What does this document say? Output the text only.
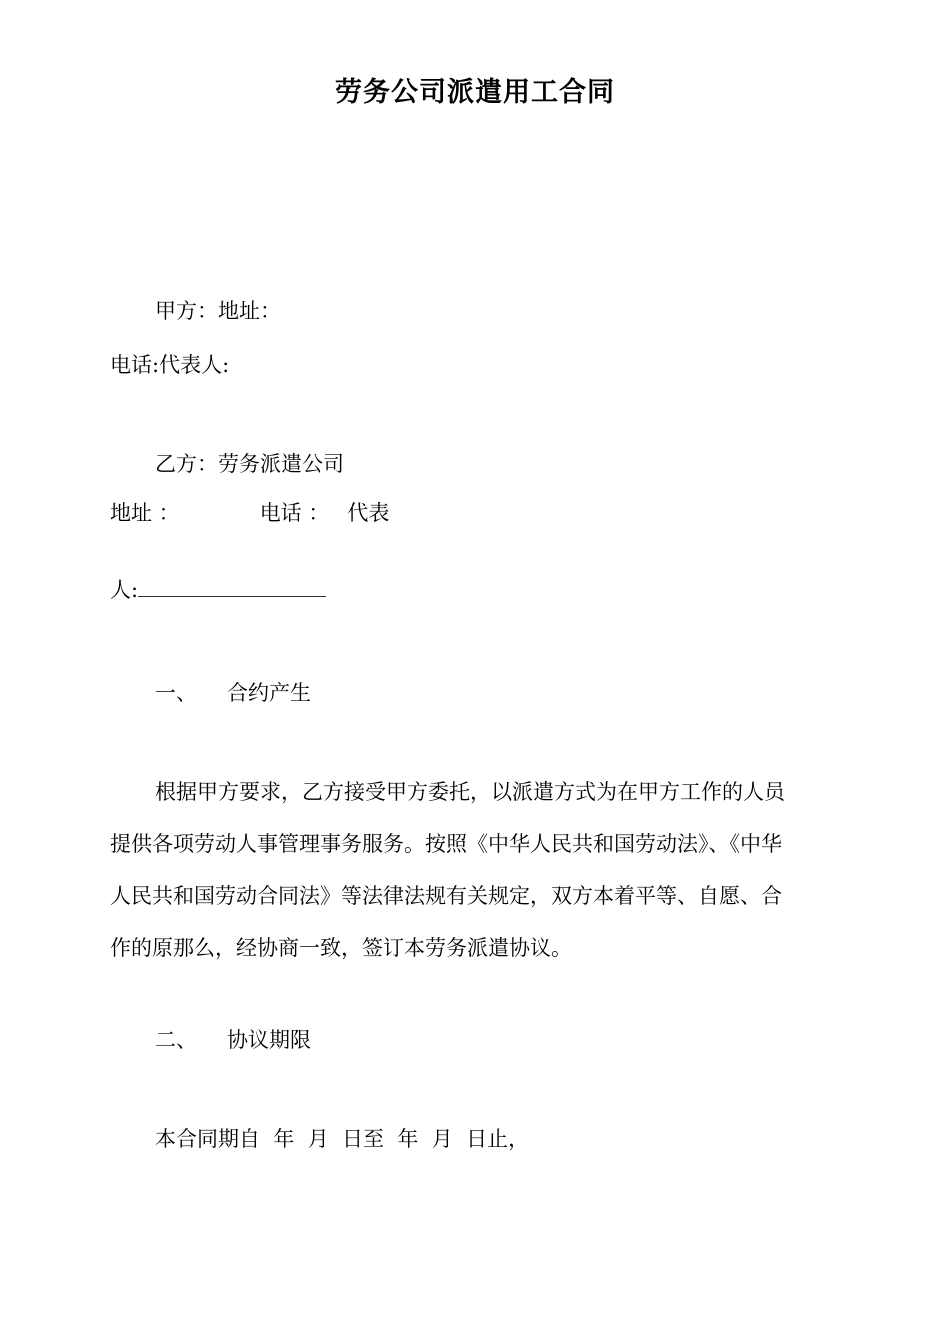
劳务公司派遣用工合同
甲方：地址：
电话:代表人:
乙方：劳务派遣公司
地址 ：	电话 ： 代表
人:
一、 合约产生
根据甲方要求，乙方接受甲方委托，以派遣方式为在甲方工作的人员
提供各项劳动人事管理事务服务。按照《中华人民共和国劳动法》、《中华
人民共和国劳动合同法》等法律法规有关规定，双方本着平等、自愿、合
作的原那么，经协商一致，签订本劳务派遣协议。
二、 协议期限
本合同期自  年  月  日至  年  月  日止，
